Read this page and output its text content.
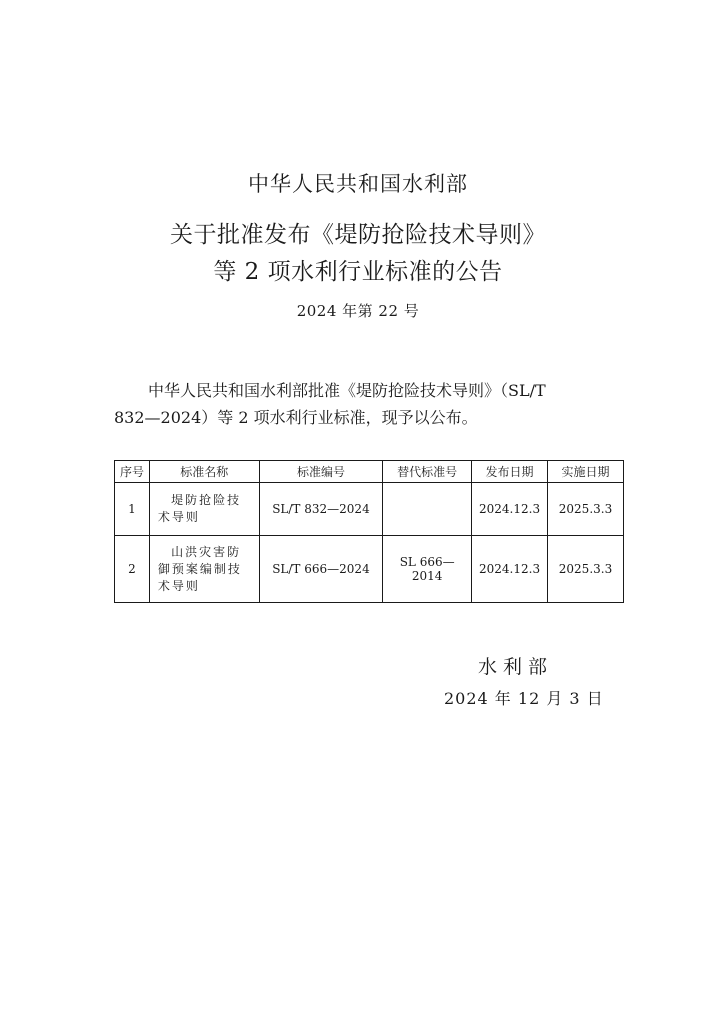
中华人民共和国水利部
关于批准发布《堤防抢险技术导则》
等 2 项水利行业标准的公告
2024 年第 22 号
中华人民共和国水利部批准《堤防抢险技术导则》（SL/T
832—2024）等 2 项水利行业标准，现予以公布。
序号	标准名称	标准编号	替代标准号	发布日期	实施日期
1	堤防抢险技术导则	SL/T 832—2024		2024.12.3	2025.3.3
2	山洪灾害防御预案编制技术导则	SL/T 666—2024	SL 666—2014	2024.12.3	2025.3.3
水利部
2024 年 12 月 3 日
